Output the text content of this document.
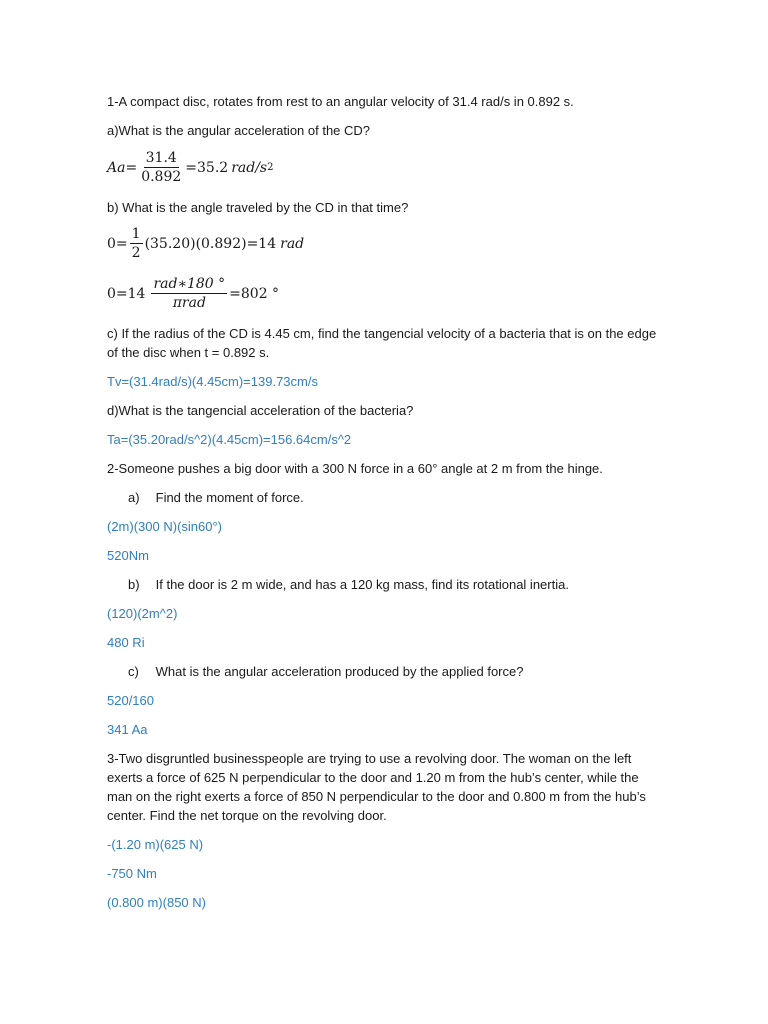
1-A compact disc, rotates from rest to an angular velocity of 31.4 rad/s in 0.892 s.
a)What is the angular acceleration of the CD?
$Aa= \frac{31.4}{0.892} =35.2$ rad/s 2
b) What is the angle traveled by the CD in that time?
$0= \frac{1}{2} (35.20)(0.892)=14$ rad
$0=14 \frac{\text{rad∗180 °}}{\text{πrad}} =802$ °
c) If the radius of the CD is 4.45 cm, find the tangencial velocity of a bacteria that is on the edge of the disc when t = 0.892 s.
Tv=(31.4rad/s)(4.45cm)=139.73cm/s
d)What is the tangencial acceleration of the bacteria?
Ta=(35.20rad/s^2)(4.45cm)=156.64cm/s^2
2-Someone pushes a big door with a 300 N force in a 60° angle at 2 m from the hinge.
a) Find the moment of force.
(2m)(300 N)(sin60°)
520Nm
b) If the door is 2 m wide, and has a 120 kg mass, find its rotational inertia.
(120)(2m^2)
480 Ri
c) What is the angular acceleration produced by the applied force?
520/160
341 Aa
3-Two disgruntled businesspeople are trying to use a revolving door. The woman on the left exerts a force of 625 N perpendicular to the door and 1.20 m from the hub’s center, while the man on the right exerts a force of 850 N perpendicular to the door and 0.800 m from the hub’s center. Find the net torque on the revolving door.
-(1.20 m)(625 N)
-750 Nm
(0.800 m)(850 N)
